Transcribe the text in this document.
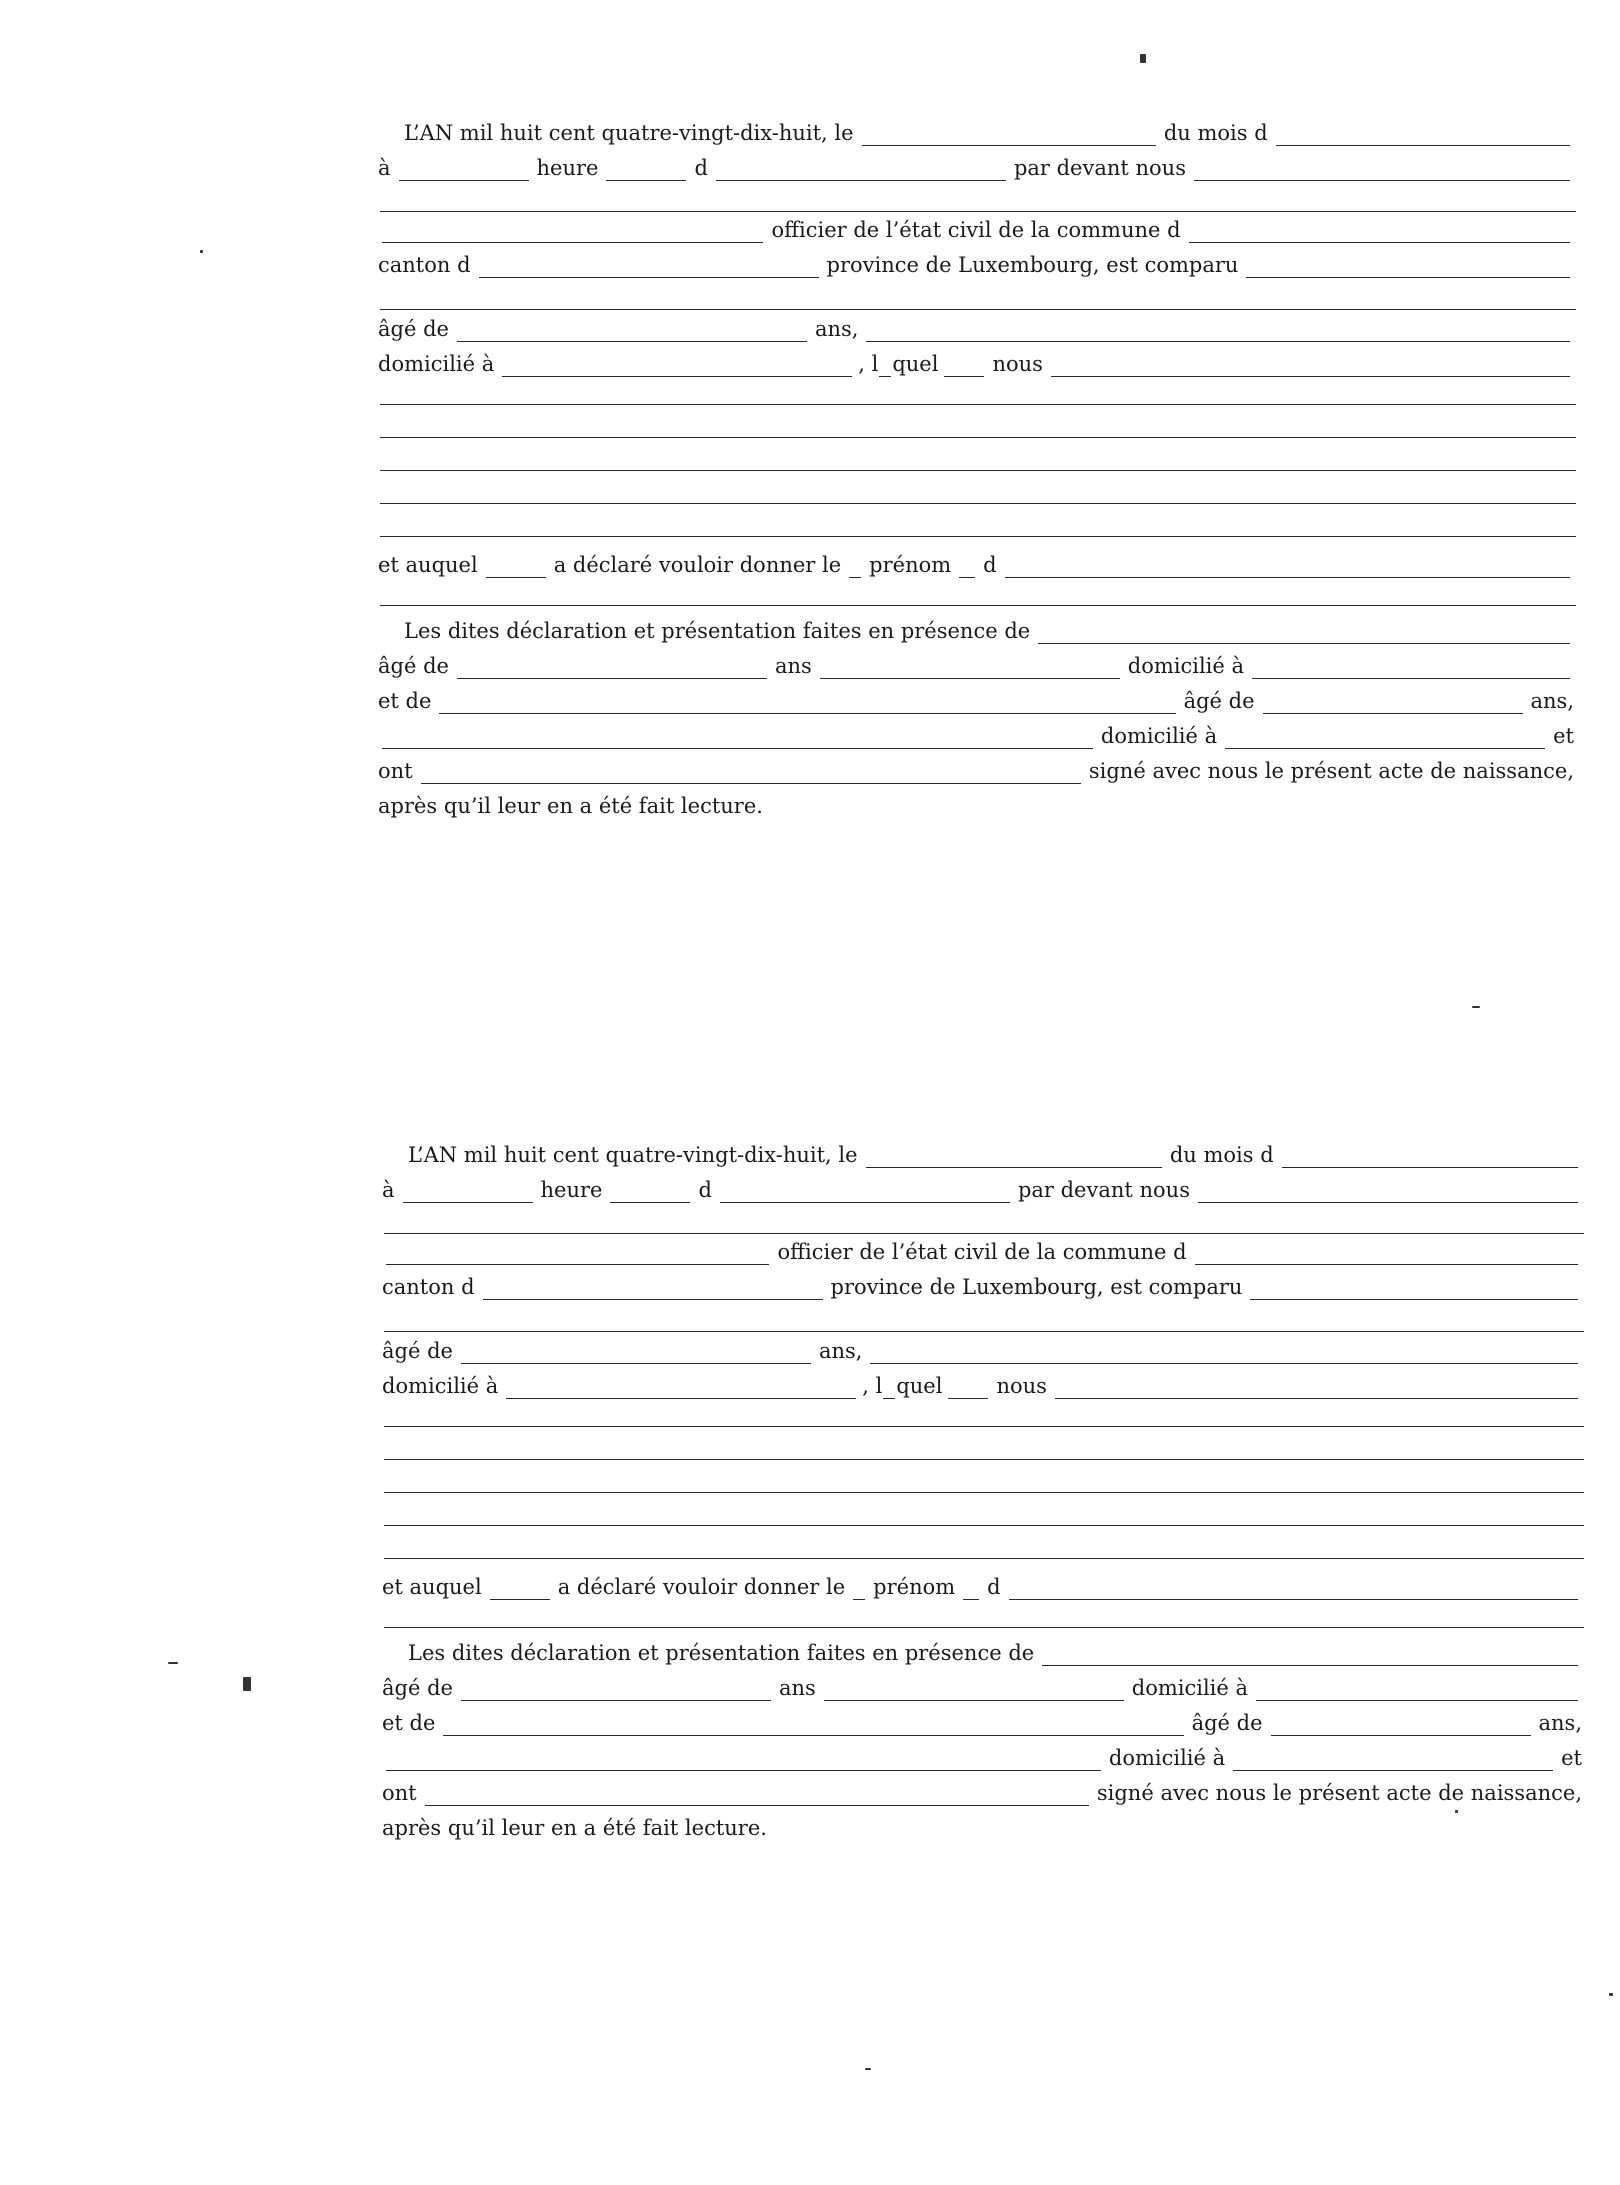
L’AN mil huit cent quatre-vingt-dix-huit, le	du mois d
à	heure	d	par devant nous
officier de l’état civil de la commune d
canton d	province de Luxembourg, est comparu
âgé de	ans,
domicilié à	, l quel	nous
et auquel	a déclaré vouloir donner le prénom d
Les dites déclaration et présentation faites en présence de
âgé de	ans	domicilié à
et de	âgé de	ans,
domicilié à	et
ont	signé avec nous le présent acte de naissance,
après qu’il leur en a été fait lecture.
L’AN mil huit cent quatre-vingt-dix-huit, le	du mois d
à	heure	d	par devant nous
officier de l’état civil de la commune d
canton d	province de Luxembourg, est comparu
âgé de	ans,
domicilié à	, l quel	nous
et auquel	a déclaré vouloir donner le prénom d
Les dites déclaration et présentation faites en présence de
âgé de	ans	domicilié à
et de	âgé de	ans,
domicilié à	et
ont	signé avec nous le présent acte de naissance,
après qu’il leur en a été fait lecture.
